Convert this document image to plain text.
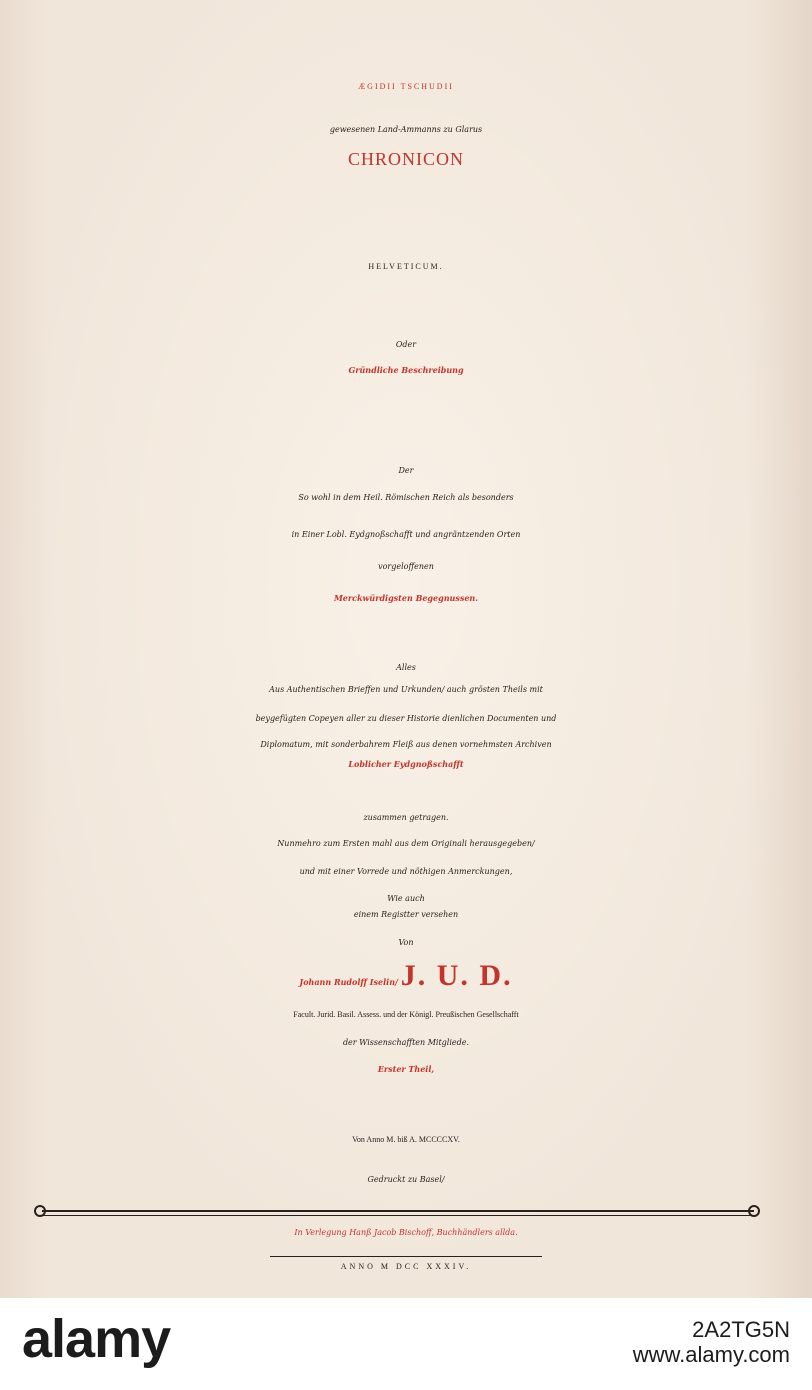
ÆGIDII TSCHUDII
gewesenen Land-Ammanns zu Glarus
CHRONICON
HELVETICUM.
Oder
Gründliche Beschreibung
Der
So wohl in dem Heil. Römischen Reich als besonders
in Einer Lobl. Eydgnoßschafft und angräntzenden Orten
vorgeloffenen
Merckwürdigsten Begegnussen.
Alles
Aus Authentischen Brieffen und Urkunden/ auch grösten Theils mit
beygefügten Copeyen aller zu dieser Historie dienlichen Documenten und
Diplomatum, mit sonderbahrem Fleiß aus denen vornehmsten Archiven
Loblicher Eydgnoßschafft
zusammen getragen.
Nunmehro zum Ersten mahl aus dem Originali herausgegeben/
und mit einer Vorrede und nöthigen Anmerckungen,
Wie auch
einem Registter versehen
Von
Johann Rudolff Iselin/ J. U. D.
Facult. Jurid. Basil. Assess. und der Königl. Preußischen Gesellschafft
der Wissenschafften Mitgliede.
Erster Theil,
Von Anno M. biß A. MCCCCXV.
Gedruckt zu Basel/
In Verlegung Hanß Jacob Bischoff, Buchhändlers allda.
ANNO M DCC XXXIV.
alamy	2A2TG5N
www.alamy.com
